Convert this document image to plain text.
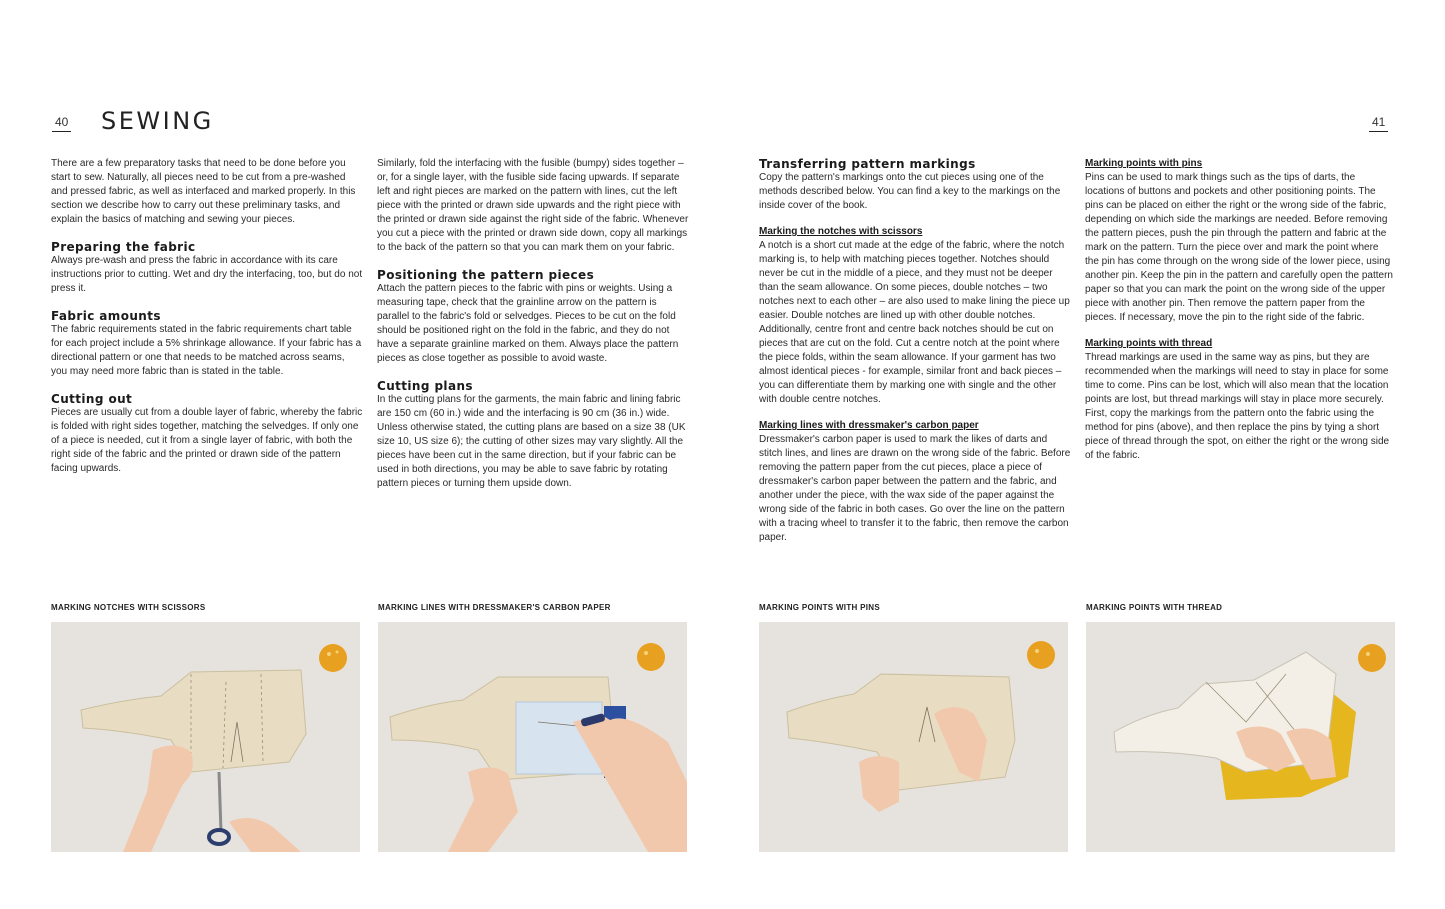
40 SEWING	41

There are a few preparatory tasks that need to be done before you start to sew. Naturally, all pieces need to be cut from a pre-washed and pressed fabric, as well as interfaced and marked properly. In this section we describe how to carry out these preliminary tasks, and explain the basics of matching and sewing your pieces.

Preparing the fabric

Always pre-wash and press the fabric in accordance with its care instructions prior to cutting. Wet and dry the interfacing, too, but do not press it.

Fabric amounts

The fabric requirements stated in the fabric requirements chart table for each project include a 5% shrinkage allowance. If your fabric has a directional pattern or one that needs to be matched across seams, you may need more fabric than is stated in the table.

Cutting out

Pieces are usually cut from a double layer of fabric, whereby the fabric is folded with right sides together, matching the selvedges. If only one of a piece is needed, cut it from a single layer of fabric, with both the right side of the fabric and the printed or drawn side of the pattern facing upwards.

Similarly, fold the interfacing with the fusible (bumpy) sides together – or, for a single layer, with the fusible side facing upwards. If separate left and right pieces are marked on the pattern with lines, cut the left piece with the printed or drawn side upwards and the right piece with the printed or drawn side against the right side of the fabric. Whenever you cut a piece with the printed or drawn side down, copy all markings to the back of the pattern so that you can mark them on your fabric.

Positioning the pattern pieces

Attach the pattern pieces to the fabric with pins or weights. Using a measuring tape, check that the grainline arrow on the pattern is parallel to the fabric's fold or selvedges. Pieces to be cut on the fold should be positioned right on the fold in the fabric, and they do not have a separate grainline marked on them. Always place the pattern pieces as close together as possible to avoid waste.

Cutting plans

In the cutting plans for the garments, the main fabric and lining fabric are 150 cm (60 in.) wide and the interfacing is 90 cm (36 in.) wide. Unless otherwise stated, the cutting plans are based on a size 38 (UK size 10, US size 6); the cutting of other sizes may vary slightly. All the pieces have been cut in the same direction, but if your fabric can be used in both directions, you may be able to save fabric by rotating pattern pieces or turning them upside down.

Transferring pattern markings

Copy the pattern's markings onto the cut pieces using one of the methods described below. You can find a key to the markings on the inside cover of the book.

Marking the notches with scissors

A notch is a short cut made at the edge of the fabric, where the notch marking is, to help with matching pieces together. Notches should never be cut in the middle of a piece, and they must not be deeper than the seam allowance. On some pieces, double notches – two notches next to each other – are also used to make lining the piece up easier. Double notches are lined up with other double notches. Additionally, centre front and centre back notches should be cut on pieces that are cut on the fold. Cut a centre notch at the point where the piece folds, within the seam allowance. If your garment has two almost identical pieces - for example, similar front and back pieces – you can differentiate them by marking one with single and the other with double centre notches.

Marking lines with dressmaker's carbon paper

Dressmaker's carbon paper is used to mark the likes of darts and stitch lines, and lines are drawn on the wrong side of the fabric. Before removing the pattern paper from the cut pieces, place a piece of dressmaker's carbon paper between the pattern and the fabric, and another under the piece, with the wax side of the paper against the wrong side of the fabric in both cases. Go over the line on the pattern with a tracing wheel to transfer it to the fabric, then remove the carbon paper.

Marking points with pins

Pins can be used to mark things such as the tips of darts, the locations of buttons and pockets and other positioning points. The pins can be placed on either the right or the wrong side of the fabric, depending on which side the markings are needed. Before removing the pattern pieces, push the pin through the pattern and fabric at the mark on the pattern. Turn the piece over and mark the point where the pin has come through on the wrong side of the lower piece, using another pin. Keep the pin in the pattern and carefully open the pattern paper so that you can mark the point on the wrong side of the upper piece with another pin. Then remove the pattern paper from the pieces. If necessary, move the pin to the right side of the fabric.

Marking points with thread

Thread markings are used in the same way as pins, but they are recommended when the markings will need to stay in place for some time to come. Pins can be lost, which will also mean that the location points are lost, but thread markings will stay in place more securely. First, copy the markings from the pattern onto the fabric using the method for pins (above), and then replace the pins by tying a short piece of thread through the spot, on either the right or the wrong side of the fabric.

MARKING NOTCHES WITH SCISSORS	MARKING LINES WITH DRESSMAKER'S CARBON PAPER	MARKING POINTS WITH PINS	MARKING POINTS WITH THREAD
